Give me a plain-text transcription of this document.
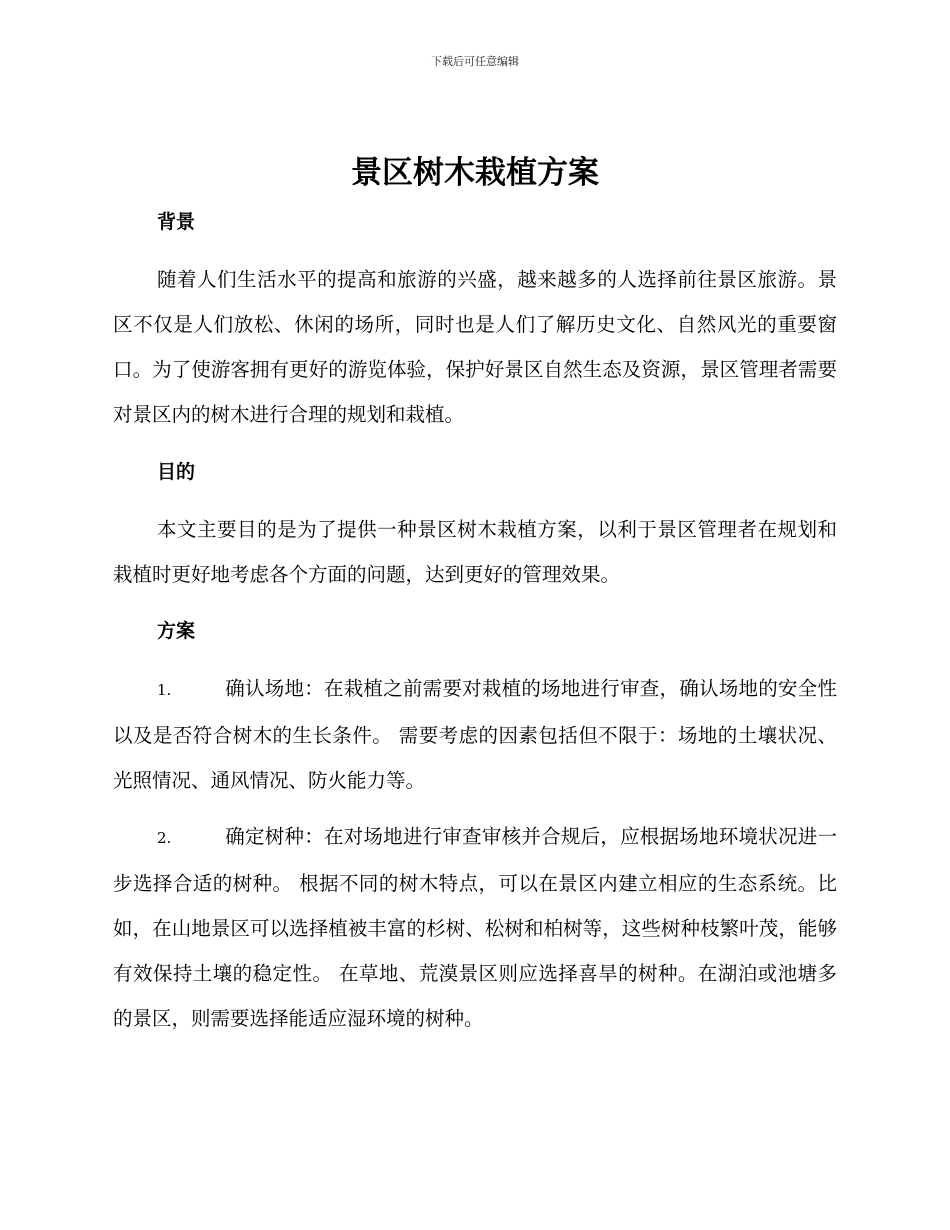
下载后可任意编辑
景区树木栽植方案
背景

随着人们生活水平的提高和旅游的兴盛，越来越多的人选择前往景区旅游。景区不仅是人们放松、休闲的场所，同时也是人们了解历史文化、自然风光的重要窗口。为了使游客拥有更好的游览体验，保护好景区自然生态及资源，景区管理者需要对景区内的树木进行合理的规划和栽植。

目的

本文主要目的是为了提供一种景区树木栽植方案，以利于景区管理者在规划和栽植时更好地考虑各个方面的问题，达到更好的管理效果。

方案

1.	确认场地：在栽植之前需要对栽植的场地进行审查，确认场地的安全性以及是否符合树木的生长条件。 需要考虑的因素包括但不限于：场地的土壤状况、光照情况、通风情况、防火能力等。

2.	确定树种：在对场地进行审查审核并合规后，应根据场地环境状况进一步选择合适的树种。 根据不同的树木特点，可以在景区内建立相应的生态系统。比如，在山地景区可以选择植被丰富的杉树、松树和柏树等，这些树种枝繁叶茂，能够有效保持土壤的稳定性。 在草地、荒漠景区则应选择喜旱的树种。在湖泊或池塘多的景区，则需要选择能适应湿环境的树种。
